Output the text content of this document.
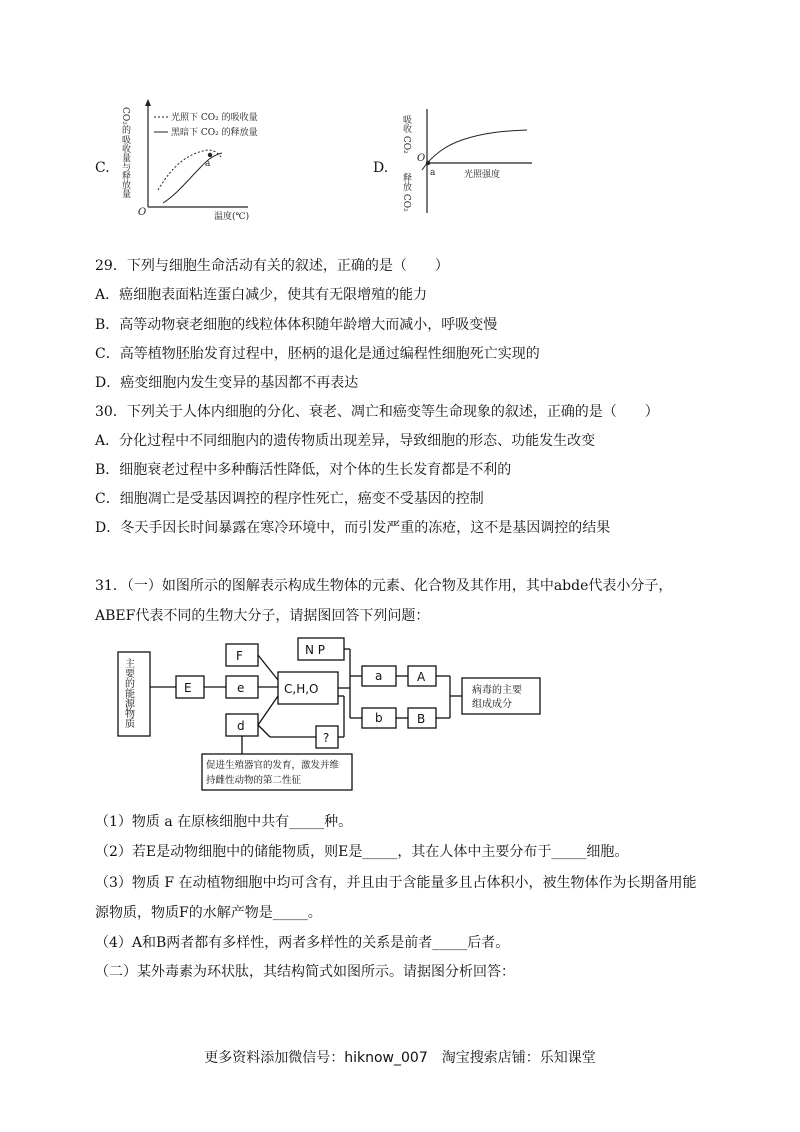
C.
CO₂的
吸收量与释放量
光照下 CO₂ 的吸收量
黑暗下 CO₂ 的释放量
a
O	温度(℃)
D.
吸收 CO₂
释放 CO₂
O
a	光照强度
29．下列与细胞生命活动有关的叙述，正确的是（　　）
A．癌细胞表面粘连蛋白减少，使其有无限增殖的能力
B．高等动物衰老细胞的线粒体体积随年龄增大而减小，呼吸变慢
C．高等植物胚胎发育过程中，胚柄的退化是通过编程性细胞死亡实现的
D．癌变细胞内发生变异的基因都不再表达
30．下列关于人体内细胞的分化、衰老、凋亡和癌变等生命现象的叙述，正确的是（　　）
A．分化过程中不同细胞内的遗传物质出现差异，导致细胞的形态、功能发生改变
B．细胞衰老过程中多种酶活性降低，对个体的生长发育都是不利的
C．细胞凋亡是受基因调控的程序性死亡，癌变不受基因的控制
D．冬天手因长时间暴露在寒冷环境中，而引发严重的冻疮，这不是基因调控的结果
31．（一）如图所示的图解表示构成生物体的元素、化合物及其作用，其中abde代表小分子，
ABEF代表不同的生物大分子，请据图回答下列问题：
主要的能源物质	E	e
F	N P
C,H,O
a	A
b	B
d
?
病毒的主要
组成成分
促进生殖器官的发育，激发并维
持雌性动物的第二性征
（1）物质 a 在原核细胞中共有_____种。
（2）若E是动物细胞中的储能物质，则E是_____，其在人体中主要分布于_____细胞。
（3）物质 F 在动植物细胞中均可含有，并且由于含能量多且占体积小，被生物体作为长期备用能
源物质，物质F的水解产物是_____。
（4）A和B两者都有多样性，两者多样性的关系是前者_____后者。
（二）某外毒素为环状肽，其结构简式如图所示。请据图分析回答：
更多资料添加微信号：hiknow_007　淘宝搜索店铺：乐知课堂
